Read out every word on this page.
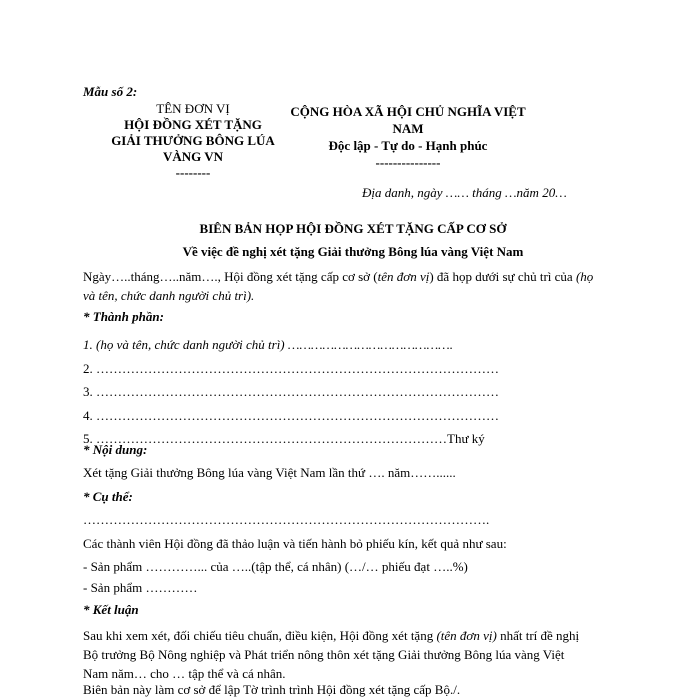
Mẫu số 2:
TÊN ĐƠN VỊ
HỘI ĐỒNG XÉT TẶNG
GIẢI THƯỞNG BÔNG LÚA
VÀNG VN
--------
CỘNG HÒA XÃ HỘI CHỦ NGHĨA VIỆT NAM
Độc lập - Tự do - Hạnh phúc
---------------
Địa danh, ngày …… tháng …năm 20…
BIÊN BẢN HỌP HỘI ĐỒNG XÉT TẶNG CẤP CƠ SỞ
Về việc đề nghị xét tặng Giải thưởng Bông lúa vàng Việt Nam
Ngày…..tháng…..năm…., Hội đồng xét tặng cấp cơ sở (tên đơn vị) đã họp dưới sự chủ trì của (họ
và tên, chức danh người chủ trì).
* Thành phần:
1. (họ và tên, chức danh người chủ trì) …………………………………….
2. …………………………………………………………………………………
3. …………………………………………………………………………………
4. …………………………………………………………………………………
5. ………………………………………………………………………Thư ký
* Nội dung:
Xét tặng Giải thưởng Bông lúa vàng Việt Nam lần thứ …. năm……......
* Cụ thể:
………………………………………………………………………………….
Các thành viên Hội đồng đã thảo luận và tiến hành bỏ phiếu kín, kết quả như sau:
- Sản phẩm …………... của …..(tập thể, cá nhân) (…/… phiếu đạt …..%)
- Sản phẩm …………
* Kết luận
Sau khi xem xét, đối chiếu tiêu chuẩn, điều kiện, Hội đồng xét tặng (tên đơn vị) nhất trí đề nghị
Bộ trưởng Bộ Nông nghiệp và Phát triển nông thôn xét tặng Giải thưởng Bông lúa vàng Việt
Nam năm… cho … tập thể và cá nhân.
Biên bản này làm cơ sở để lập Tờ trình trình Hội đồng xét tặng cấp Bộ./.
